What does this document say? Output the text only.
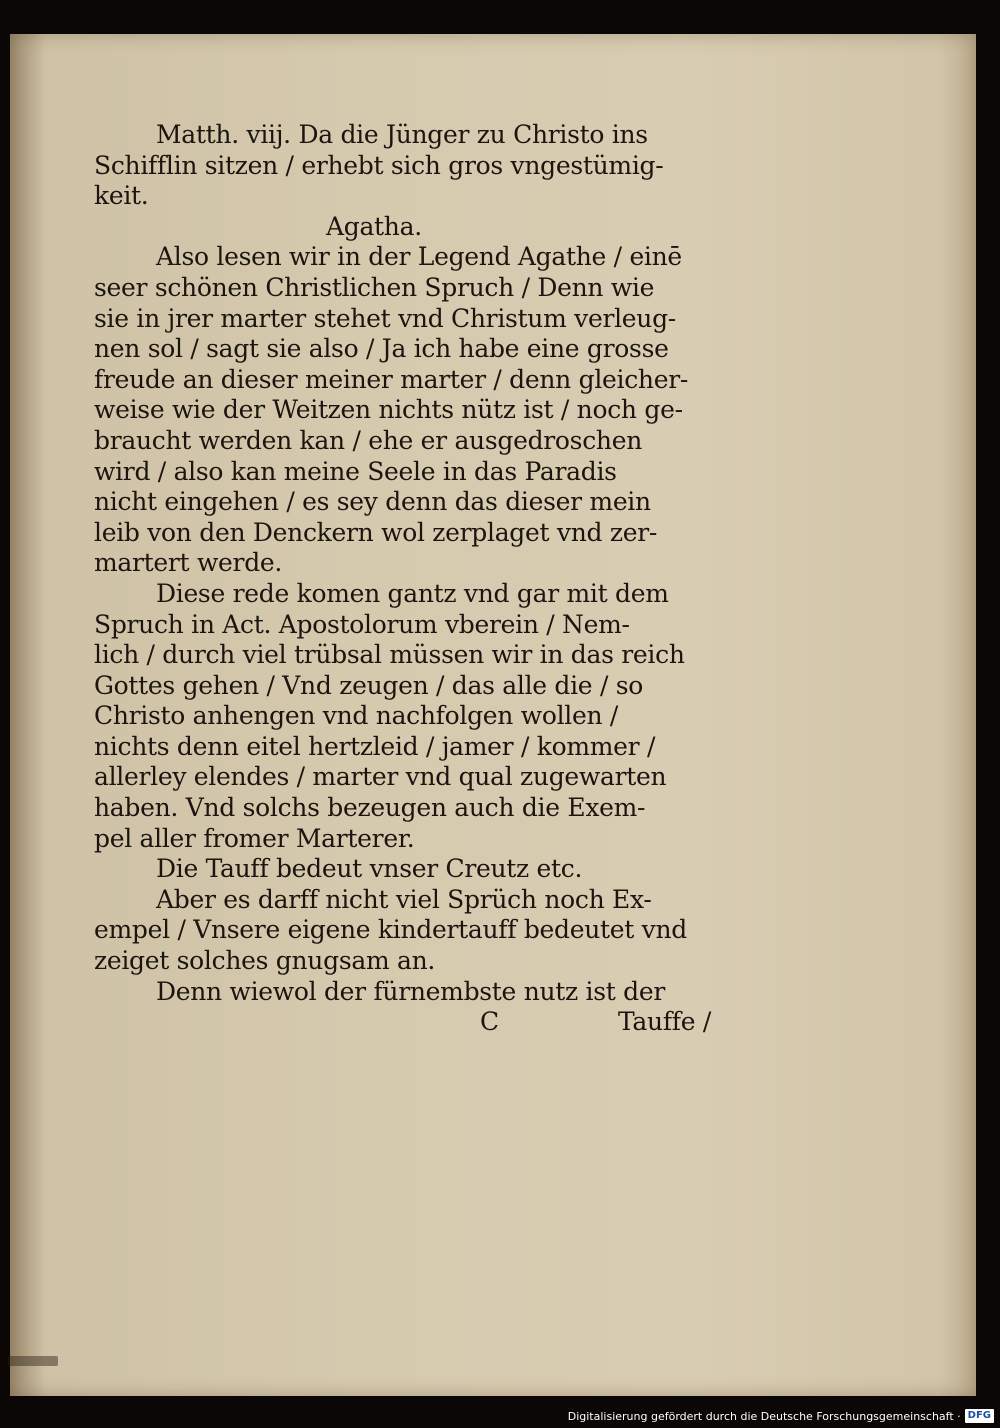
Matth. viij. Da die Jünger zu Christo ins
Schifflin sitzen / erhebt sich gros vngestümig-
keit.
Agatha.
Also lesen wir in der Legend Agathe / einē
seer schönen Christlichen Spruch / Denn wie
sie in jrer marter stehet vnd Christum verleug-
nen sol / sagt sie also / Ja ich habe eine grosse
freude an dieser meiner marter / denn gleicher-
weise wie der Weitzen nichts nütz ist / noch ge-
braucht werden kan / ehe er ausgedroschen
wird / also kan meine Seele in das Paradis
nicht eingehen / es sey denn das dieser mein
leib von den Denckern wol zerplaget vnd zer-
martert werde.
Diese rede komen gantz vnd gar mit dem
Spruch in Act. Apostolorum vberein / Nem-
lich / durch viel trübsal müssen wir in das reich
Gottes gehen / Vnd zeugen / das alle die / so
Christo anhengen vnd nachfolgen wollen /
nichts denn eitel hertzleid / jamer / kommer /
allerley elendes / marter vnd qual zugewarten
haben. Vnd solchs bezeugen auch die Exem-
pel aller fromer Marterer.
Die Tauff bedeut vnser Creutz etc.
Aber es darff nicht viel Sprüch noch Ex-
empel / Vnsere eigene kindertauff bedeutet vnd
zeiget solches gnugsam an.
Denn wiewol der fürnembste nutz ist der
C	Tauffe /
Digitalisierung gefördert durch die Deutsche Forschungsgemeinschaft · DFG
